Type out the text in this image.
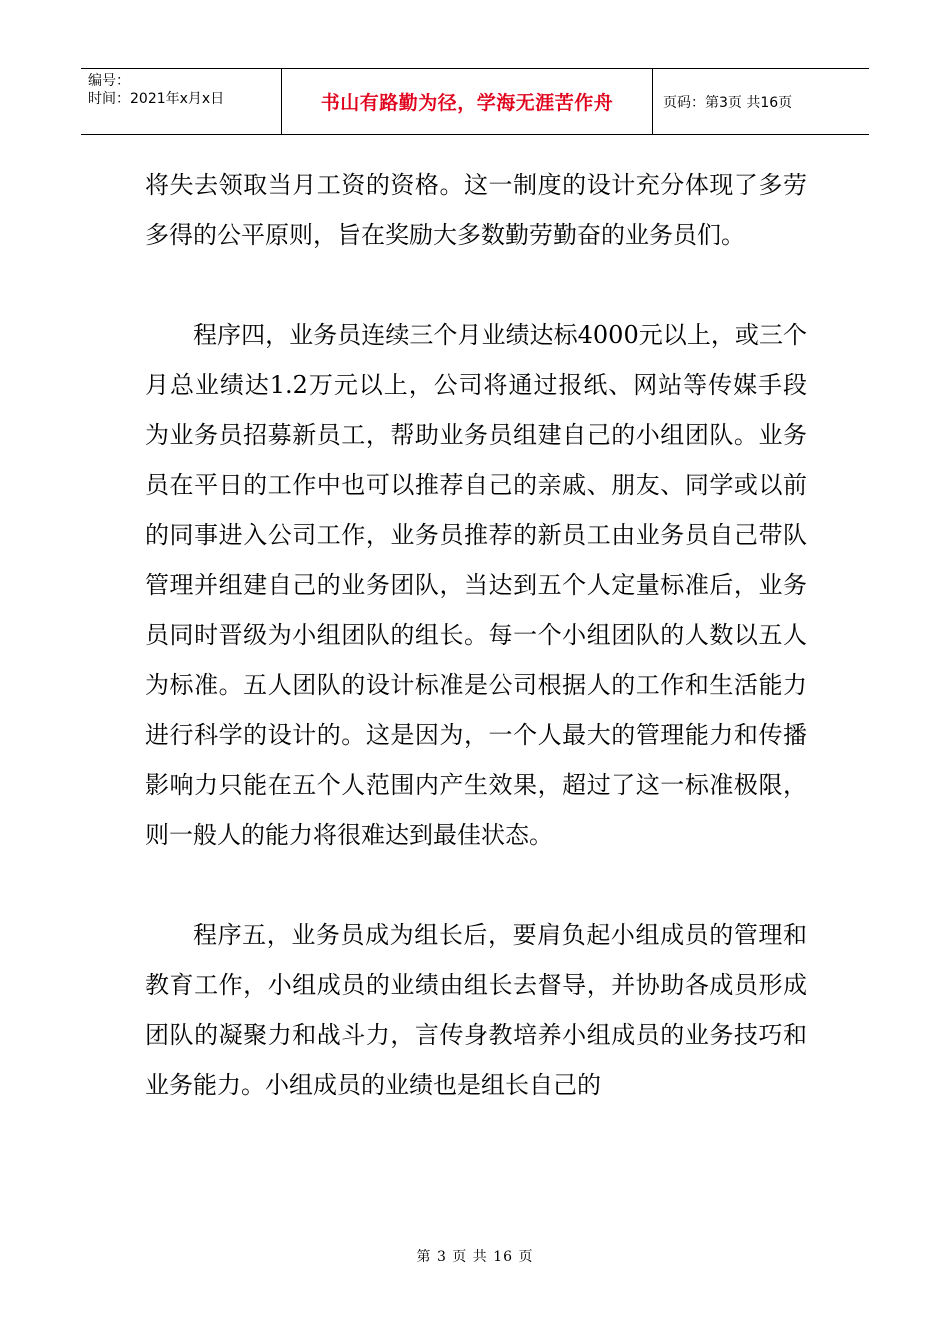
编号：
时间：2021年x月x日	书山有路勤为径，学海无涯苦作舟	页码：第3页 共16页

将失去领取当月工资的资格。这一制度的设计充分体现了多劳多得的公平原则，旨在奖励大多数勤劳勤奋的业务员们。

程序四，业务员连续三个月业绩达标4000元以上，或三个月总业绩达1.2万元以上，公司将通过报纸、网站等传媒手段为业务员招募新员工，帮助业务员组建自己的小组团队。业务员在平日的工作中也可以推荐自己的亲戚、朋友、同学或以前的同事进入公司工作，业务员推荐的新员工由业务员自己带队管理并组建自己的业务团队，当达到五个人定量标准后，业务员同时晋级为小组团队的组长。每一个小组团队的人数以五人为标准。五人团队的设计标准是公司根据人的工作和生活能力进行科学的设计的。这是因为，一个人最大的管理能力和传播影响力只能在五个人范围内产生效果，超过了这一标准极限，则一般人的能力将很难达到最佳状态。

程序五，业务员成为组长后，要肩负起小组成员的管理和教育工作，小组成员的业绩由组长去督导，并协助各成员形成团队的凝聚力和战斗力，言传身教培养小组成员的业务技巧和业务能力。小组成员的业绩也是组长自己的

第 3 页 共 16 页
